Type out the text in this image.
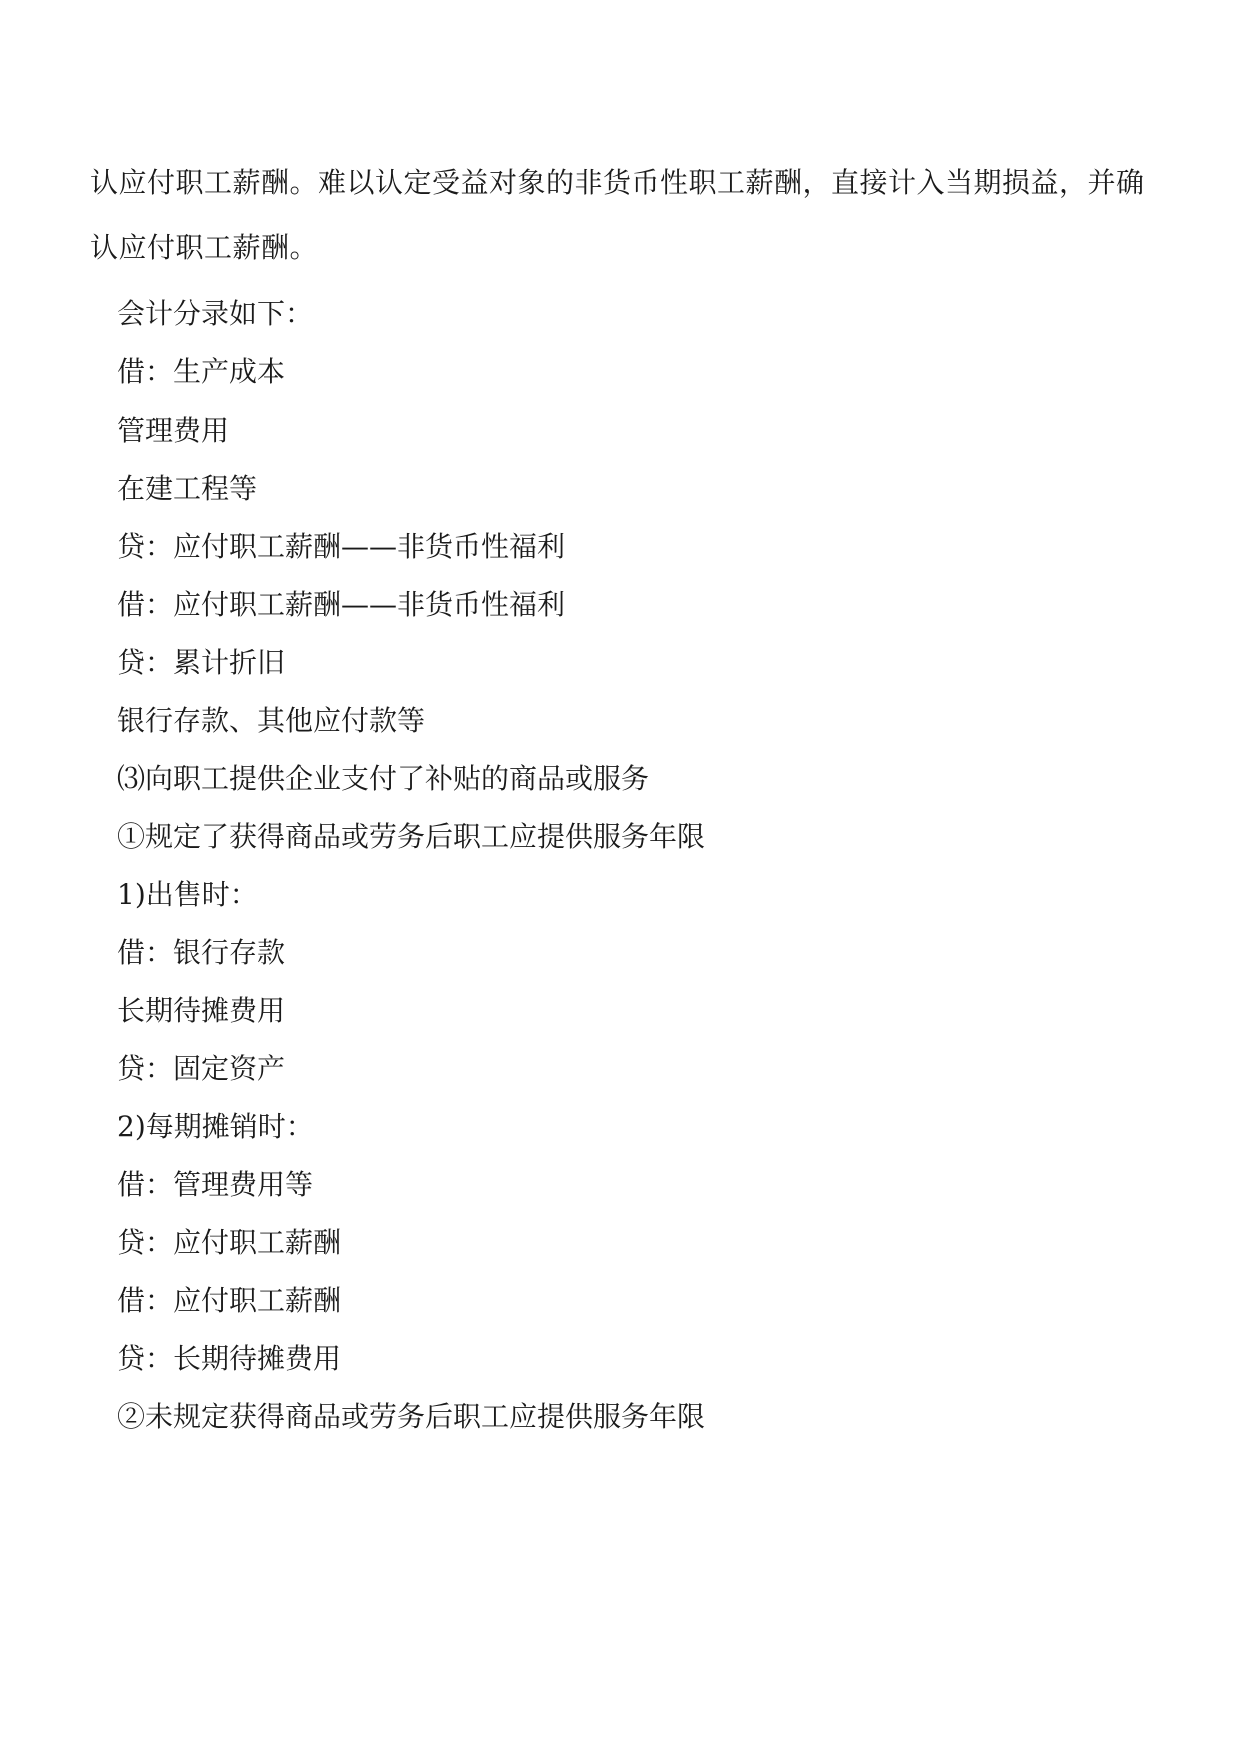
认应付职工薪酬。难以认定受益对象的非货币性职工薪酬，直接计入当期损益，并确认应付职工薪酬。

会计分录如下：

借：生产成本

管理费用

在建工程等

贷：应付职工薪酬——非货币性福利

借：应付职工薪酬——非货币性福利

贷：累计折旧

银行存款、其他应付款等

⑶向职工提供企业支付了补贴的商品或服务

①规定了获得商品或劳务后职工应提供服务年限

1)出售时：

借：银行存款

长期待摊费用

贷：固定资产

2)每期摊销时：

借：管理费用等

贷：应付职工薪酬

借：应付职工薪酬

贷：长期待摊费用

②未规定获得商品或劳务后职工应提供服务年限
